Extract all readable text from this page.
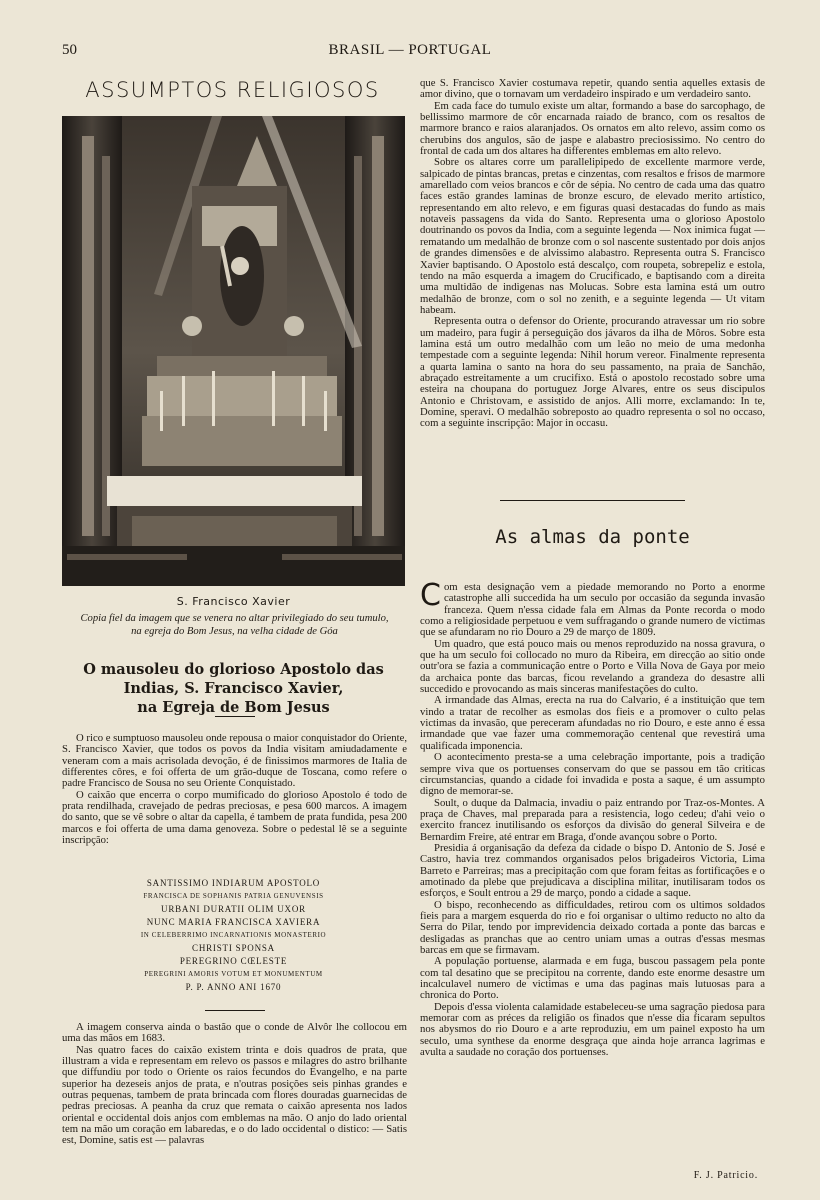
50	BRASIL — PORTUGAL
ASSUMPTOS RELIGIOSOS
S. Francisco Xavier
Copia fiel da imagem que se venera no altar privilegiado do seu tumulo, na egreja do Bom Jesus, na velha cidade de Góa
O mausoleu do glorioso Apostolo das Indias, S. Francisco Xavier,
na Egreja de Bom Jesus

O rico e sumptuoso mausoleu onde repousa o maior conquistador do Oriente, S. Francisco Xavier, que todos os povos da India visitam amiudadamente e veneram com a mais acrisolada devoção, é de finissimos marmores de Italia de differentes côres, e foi offerta de um grão-duque de Toscana, como refere o padre Francisco de Sousa no seu Oriente Conquistado.

O caixão que encerra o corpo mumificado do glorioso Apostolo é todo de prata rendilhada, cravejado de pedras preciosas, e pesa 600 marcos. A imagem do santo, que se vê sobre o altar da capella, é tambem de prata fundida, pesa 200 marcos e foi offerta de uma dama genoveza. Sobre o pedestal lê se a seguinte inscripção:

SANTISSIMO INDIARUM APOSTOLO
FRANCISCA DE SOPHANIS PATRIA GENUVENSIS
URBANI DURATII OLIM UXOR
NUNC MARIA FRANCISCA XAVIERA
IN CELEBERRIMO INCARNATIONIS MONASTERIO
CHRISTI SPONSA
PEREGRINO CŒLESTE
PEREGRINI AMORIS VOTUM ET MONUMENTUM
P. P. ANNO ANI 1670

A imagem conserva ainda o bastão que o conde de Alvôr lhe collocou em uma das mãos em 1683.

Nas quatro faces do caixão existem trinta e dois quadros de prata, que illustram a vida e representam em relevo os passos e milagres do astro brilhante que diffundiu por todo o Oriente os raios fecundos do Evangelho, e na parte superior ha dezeseis anjos de prata, e n'outras posições seis pinhas grandes e outras pequenas, tambem de prata brincada com flores douradas guarnecidas de pedras preciosas. A peanha da cruz que remata o caixão apresenta nos lados oriental e occidental dois anjos com emblemas na mão. O anjo do lado oriental tem na mão um coração em labaredas, e o do lado occidental o distico: — Satis est, Domine, satis est — palavras

que S. Francisco Xavier costumava repetir, quando sentia aquelles extasis de amor divino, que o tornavam um verdadeiro inspirado e um verdadeiro santo.

Em cada face do tumulo existe um altar, formando a base do sarcophago, de bellissimo marmore de côr encarnada raiado de branco, com os resaltos de marmore branco e raios alaranjados. Os ornatos em alto relevo, assim como os cherubins dos angulos, são de jaspe e alabastro preciosissimo. No centro do frontal de cada um dos altares ha differentes emblemas em alto relevo.

Sobre os altares corre um parallelipipedo de excellente marmore verde, salpicado de pintas brancas, pretas e cinzentas, com resaltos e frisos de marmore amarellado com veios brancos e côr de sépia. No centro de cada uma das quatro faces estão grandes laminas de bronze escuro, de elevado merito artistico, representando em alto relevo, e em figuras quasi destacadas do fundo as mais notaveis passagens da vida do Santo. Representa uma o glorioso Apostolo doutrinando os povos da India, com a seguinte legenda — Nox inimica fugat — rematando um medalhão de bronze com o sol nascente sustentado por dois anjos de grandes dimensões e de alvissimo alabastro. Representa outra S. Francisco Xavier baptisando. O Apostolo está descalço, com roupeta, sobrepeliz e estola, tendo na mão esquerda a imagem do Crucificado, e baptisando com a direita uma multidão de indigenas nas Molucas. Sobre esta lamina está um outro medalhão de bronze, com o sol no zenith, e a seguinte legenda — Ut vitam habeam.

Representa outra o defensor do Oriente, procurando atravessar um rio sobre um madeiro, para fugir á perseguição dos jávaros da ilha de Môros. Sobre esta lamina está um outro medalhão com um leão no meio de uma medonha tempestade com a seguinte legenda: Nihil horum vereor. Finalmente representa a quarta lamina o santo na hora do seu passamento, na praia de Sanchão, abraçado estreitamente a um crucifixo. Está o apostolo recostado sobre uma esteira na choupana do portuguez Jorge Alvares, entre os seus discipulos Antonio e Christovam, e assistido de anjos. Alli morre, exclamando: In te, Domine, speravi. O medalhão sobreposto ao quadro representa o sol no occaso, com a seguinte inscripção: Major in occasu.

As almas da ponte

Com esta designação vem a piedade memorando no Porto a enorme catastrophe alli succedida ha um seculo por occasião da segunda invasão franceza. Quem n'essa cidade fala em Almas da Ponte recorda o modo como a religiosidade perpetuou e vem suffragando o grande numero de victimas que se afundaram no rio Douro a 29 de março de 1809.

Um quadro, que está pouco mais ou menos reproduzido na nossa gravura, o que ha um seculo foi collocado no muro da Ribeira, em direcção ao sitio onde outr'ora se fazia a communicação entre o Porto e Villa Nova de Gaya por meio da archaica ponte das barcas, ficou revelando a grandeza do desastre alli succedido e provocando as mais sinceras manifestações do culto.

A irmandade das Almas, erecta na rua do Calvario, é a instituição que tem vindo a tratar de recolher as esmolas dos fieis e a promover o culto pelas victimas da invasão, que pereceram afundadas no rio Douro, e este anno é essa irmandade que vae fazer uma commemoração centenal que revestirá uma qualificada imponencia.

O acontecimento presta-se a uma celebração importante, pois a tradição sempre viva que os portuenses conservam do que se passou em tão criticas circumstancias, quando a cidade foi invadida e posta a saque, é um assumpto digno de memorar-se.

Soult, o duque da Dalmacia, invadiu o paiz entrando por Traz-os-Montes. A praça de Chaves, mal preparada para a resistencia, logo cedeu; d'ahi veio o exercito francez inutilisando os esforços da divisão do general Silveira e de Bernardim Freire, até entrar em Braga, d'onde avançou sobre o Porto.

Presidia á organisação da defeza da cidade o bispo D. Antonio de S. José e Castro, havia trez commandos organisados pelos brigadeiros Victoria, Lima Barreto e Parreiras; mas a precipitação com que foram feitas as fortificações e o amotinado da plebe que prejudicava a disciplina militar, inutilisaram todos os esforços, e Soult entrou a 29 de março, pondo a cidade a saque.

O bispo, reconhecendo as difficuldades, retirou com os ultimos soldados fieis para a margem esquerda do rio e foi organisar o ultimo reducto no alto da Serra do Pilar, tendo por imprevidencia deixado cortada a ponte das barcas e desligadas as pranchas que ao centro uniam umas a outras d'essas mesmas barcas em que se firmavam.

A população portuense, alarmada e em fuga, buscou passagem pela ponte com tal desatino que se precipitou na corrente, dando este enorme desastre um incalculavel numero de victimas e uma das paginas mais lutuosas para a chronica do Porto.

Depois d'essa violenta calamidade estabeleceu-se uma sagração piedosa para memorar com as préces da religião os finados que n'esse dia ficaram sepultos nos abysmos do rio Douro e a arte reproduziu, em um painel exposto ha um seculo, uma synthese da enorme desgraça que ainda hoje arranca lagrimas e avulta a saudade no coração dos portuenses.

F. J. Patricio.
